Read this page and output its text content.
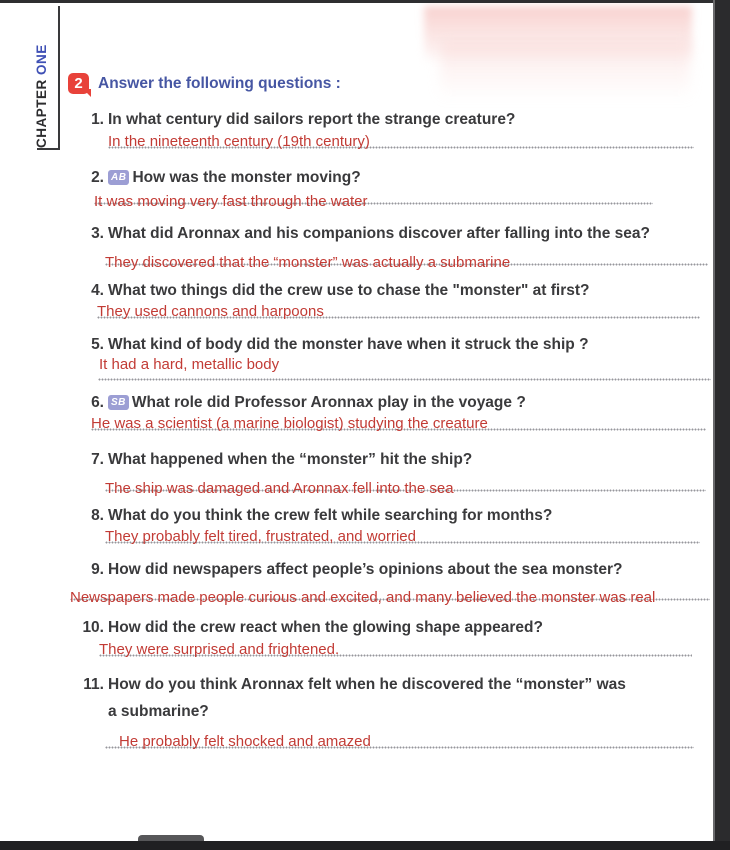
CHAPTER ONE
2 Answer the following questions :
1. In what century did sailors report the strange creature?
In the nineteenth century (19th century)
2. AB How was the monster moving?
It was moving very fast through the water
3. What did Aronnax and his companions discover after falling into the sea?
They discovered that the “monster” was actually a submarine
4. What two things did the crew use to chase the "monster" at first?
They used cannons and harpoons
5. What kind of body did the monster have when it struck the ship ?
It had a hard, metallic body
6. SB What role did Professor Aronnax play in the voyage ?
He was a scientist (a marine biologist) studying the creature
7. What happened when the “monster” hit the ship?
The ship was damaged and Aronnax fell into the sea
8. What do you think the crew felt while searching for months?
They probably felt tired, frustrated, and worried
9. How did newspapers affect people’s opinions about the sea monster?
Newspapers made people curious and excited, and many believed the monster was real
10. How did the crew react when the glowing shape appeared?
They were surprised and frightened.
11. How do you think Aronnax felt when he discovered the “monster” was
a submarine?
He probably felt shocked and amazed
